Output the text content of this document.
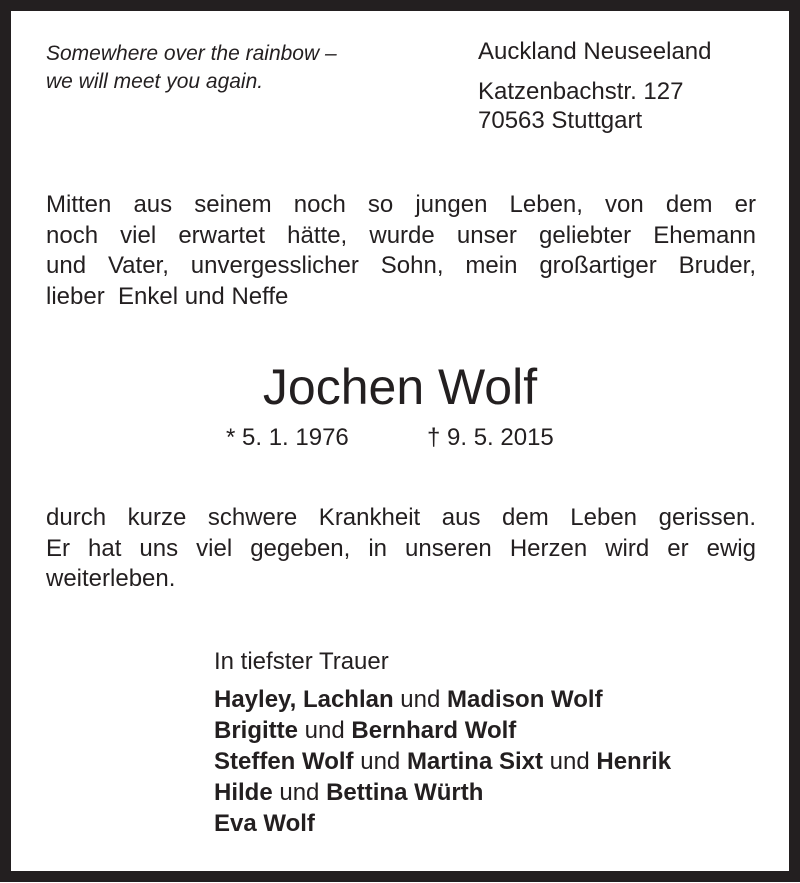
Somewhere over the rainbow –
we will meet you again.
Auckland Neuseeland
Katzenbachstr. 127
70563 Stuttgart
Mitten aus seinem noch so jungen Leben, von dem er
noch viel erwartet hätte, wurde unser geliebter Ehemann
und Vater, unvergesslicher Sohn, mein großartiger Bruder,
lieber  Enkel und Neffe
Jochen Wolf
* 5. 1. 1976	† 9. 5. 2015
durch kurze schwere Krankheit aus dem Leben gerissen.
Er hat uns viel gegeben, in unseren Herzen wird er ewig
weiterleben.
In tiefster Trauer
Hayley, Lachlan und Madison Wolf
Brigitte und Bernhard Wolf
Steffen Wolf und Martina Sixt und Henrik
Hilde und Bettina Würth
Eva Wolf
